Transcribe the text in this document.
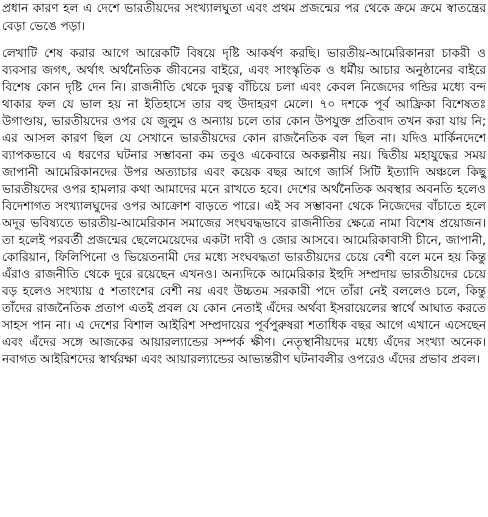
প্রধান কারণ হল এ দেশে ভারতীয়দের সংখ্যালঘুতা এবং প্রথম প্রজন্মের পর থেকে ক্রমে ক্রমে স্বাতন্ত্রের বেড়া ভেঙে পড়া।

লেখাটি শেষ করার আগে আরেকটি বিষয়ে দৃষ্টি আকর্ষণ করছি। ভারতীয়-আমেরিকানরা চাকরী ও ব্যবসার জগৎ, অর্থাৎ অর্থনৈতিক জীবনের বাইরে, এবং সাংস্কৃতিক ও ধর্মীয় আচার অনুষ্ঠানের বাইরে বিশেষ কোন দৃষ্টি দেন নি। রাজনীতি থেকে দুরত্ব বাঁচিয়ে চলা এবং কেবল নিজেদের গন্ডির মধ্যে বন্দ থাকার ফল যে ভাল হয় না ইতিহাসে তার বহু উদাহরণ মেলে। ৭০ দশকে পূর্ব আফ্রিকা বিশেষতঃ উগাণ্ডায়, ভারতীয়দের ওপর যে জুলুম ও অন্যায় চলে তার কোন উপযুক্ত প্রতিবাদ তখন করা যায় নি; এর আসল কারণ ছিল যে সেখানে ভারতীয়দের কোন রাজনৈতিক বল ছিল না। যদিও মার্কিনদেশে ব্যাপকভাবে এ ধরণের ঘটনার সম্ভাবনা কম তবুও একেবারে অকল্পনীয় নয়। দ্বিতীয় মহাযুদ্ধের সময় জাপানী আমেরিকানদের উপর অত্যাচার এবং কয়েক বছর আগে জার্সি সিটি ইত্যাদি অঞ্চলে কিছু ভারতীয়দের ওপর হামলার কথা আমাদের মনে রাখতে হবে। দেশের অর্থনৈতিক অবস্থার অবনতি হলেও বিদেশাগত সংখ্যালঘুদের ওপর আক্রোশ বাড়তে পারে। এই সব সম্ভাবনা থেকে নিজেদের বাঁচাতে হলে অদূর ভবিষ্যতে ভারতীয়-আমেরিকান সমাজের সংঘবদ্ধভাবে রাজনীতির ক্ষেত্রে নামা বিশেষ প্রয়োজন। তা হলেই পরবর্তী প্রজন্মের ছেলেমেয়েদের একটা দাবী ও জোর আসবে। আমেরিকাবাসী চীনে, জাপানী, কোরিয়ান, ফিলিপিনো ও ভিয়েতনামী দের মধ্যে সংঘবদ্ধতা ভারতীয়দের চেয়ে বেশী বলে মনে হয় কিন্তু এঁরাও রাজনীতি থেকে দুরে রয়েছেন এখনও। অন্যদিকে আমেরিকার ইহুদি সম্প্রদায় ভারতীয়দের চেয়ে বড় হলেও সংখ্যায় ৫ শতাংশের বেশী নয় এবং উচ্চতম সরকারী পদে তাঁরা নেই বললেও চলে, কিন্তু তাঁদের রাজনৈতিক প্রতাপ এতই প্রবল যে কোন নেতাই এঁদের অর্থবা ইসরায়েলের স্বার্থে আঘাত করতে সাহস পান না। এ দেশের বিশাল আইরিশ সম্প্রদায়ের পূর্বপুরুষরা শতাধিক বছর আগে এখানে এসেছেন এবং এঁদের সঙ্গে আজকের আয়ারল্যান্ডের সম্পর্ক ক্ষীণ। নেতৃস্থানীয়দের মধ্যে এঁদের সংখ্যা অনেক। নবাগত আইরিশদের স্বার্থরক্ষা এবং আয়ারল্যান্ডের আভ্যন্তরীণ ঘটনাবলীর ওপরেও এঁদের প্রভাব প্রবল।
